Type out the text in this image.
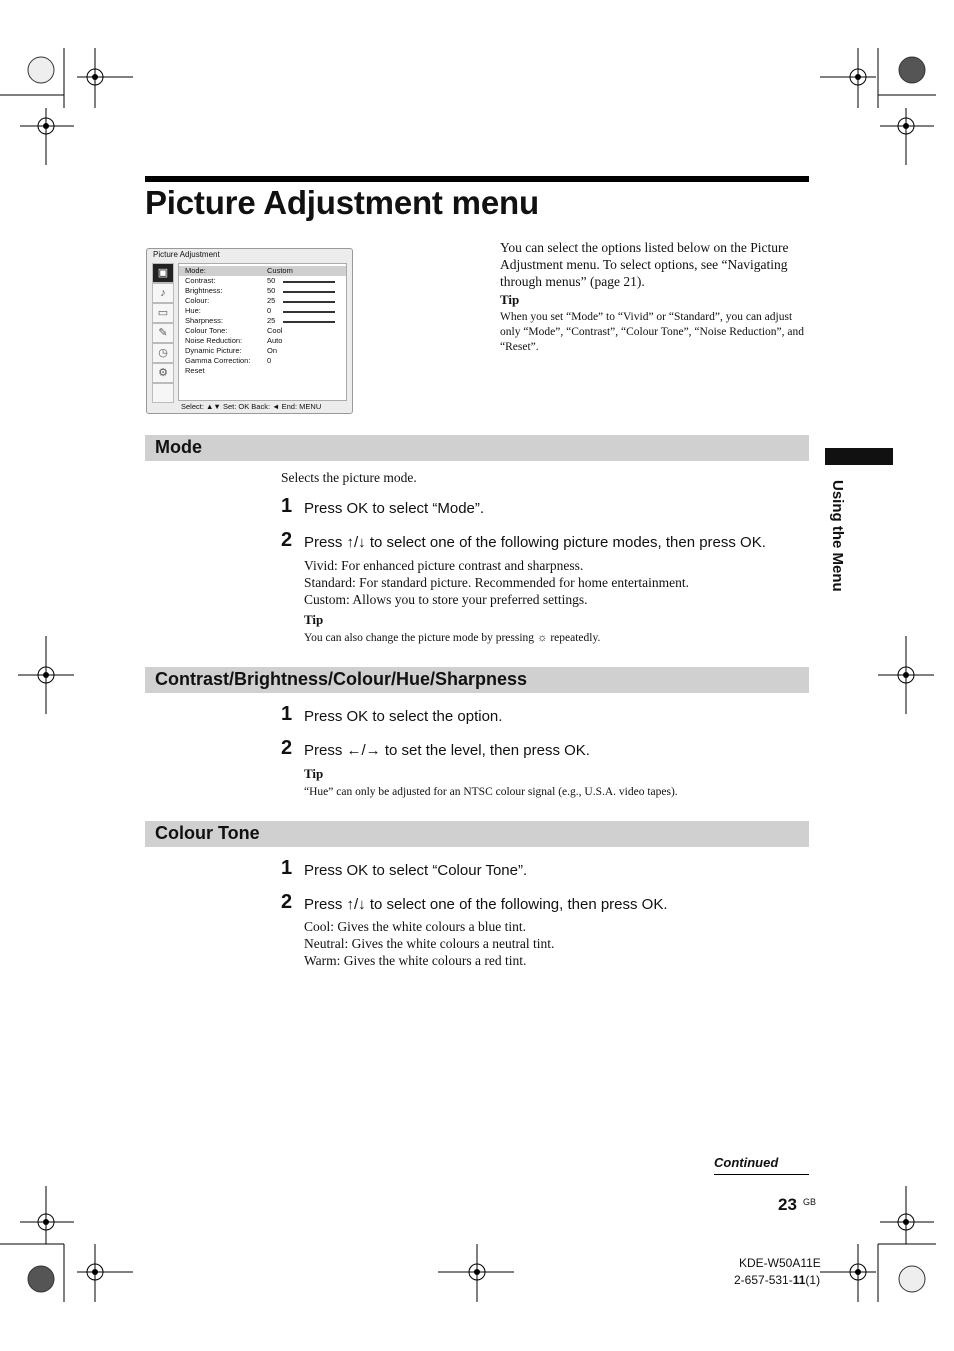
Picture Adjustment menu
Picture Adjustment
▣
♪
▭
✎
◷
⚙
Mode:	Custom
Contrast:	50
Brightness:	50
Colour:	25
Hue:	0
Sharpness:	25
Colour Tone:	Cool
Noise Reduction:	Auto
Dynamic Picture:	On
Gamma Correction: 0
Reset
Select: ▲▼ Set: OK Back: ◄ End: MENU
You can select the options listed below on the Picture Adjustment menu. To select options, see “Navigating through menus” (page 21).
Tip
When you set “Mode” to “Vivid” or “Standard”, you can adjust only “Mode”, “Contrast”, “Colour Tone”, “Noise Reduction”, and “Reset”.
Using the Menu
Mode
Selects the picture mode.
1 Press OK to select “Mode”.
2 Press ↑/↓ to select one of the following picture modes, then press OK.
Vivid: For enhanced picture contrast and sharpness.
Standard: For standard picture. Recommended for home entertainment.
Custom: Allows you to store your preferred settings.
Tip
You can also change the picture mode by pressing ☼ repeatedly.
Contrast/Brightness/Colour/Hue/Sharpness
1 Press OK to select the option.
2 Press ←/→ to set the level, then press OK.
Tip
“Hue” can only be adjusted for an NTSC colour signal (e.g., U.S.A. video tapes).
Colour Tone
1 Press OK to select “Colour Tone”.
2 Press ↑/↓ to select one of the following, then press OK.
Cool: Gives the white colours a blue tint.
Neutral: Gives the white colours a neutral tint.
Warm: Gives the white colours a red tint.
Continued
23 GB
KDE-W50A11E
2-657-531-11(1)
